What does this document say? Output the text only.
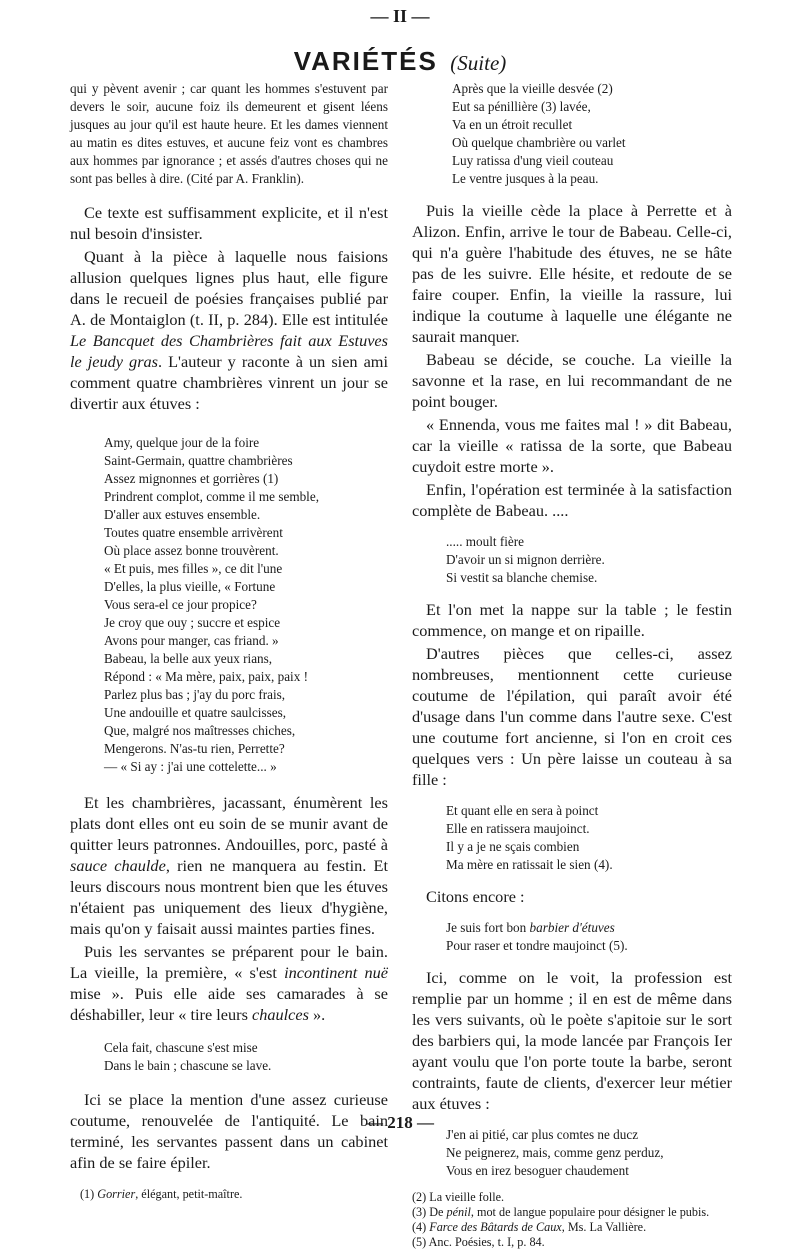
— II —
VARIÉTÉS (Suite)

qui y pèvent avenir ; car quant les hommes s'estuvent par devers le soir, aucune foiz ils demeurent et gisent léens jusques au jour qu'il est haute heure. Et les dames viennent au matin es dites estuves, et aucune feiz vont es chambres aux hommes par ignorance ; et assés d'autres choses qui ne sont pas belles à dire. (Cité par A. Franklin).

Ce texte est suffisamment explicite, et il n'est nul besoin d'insister.

Quant à la pièce à laquelle nous faisions allusion quelques lignes plus haut, elle figure dans le recueil de poésies françaises publié par A. de Montaiglon (t. II, p. 284). Elle est intitulée Le Bancquet des Chambrières fait aux Estuves le jeudy gras. L'auteur y raconte à un sien ami comment quatre chambrières vinrent un jour se divertir aux étuves :

Amy, quelque jour de la foire
Saint-Germain, quattre chambrières
Assez mignonnes et gorrières (1)
Prindrent complot, comme il me semble,
D'aller aux estuves ensemble.
Toutes quatre ensemble arrivèrent
Où place assez bonne trouvèrent.
« Et puis, mes filles », ce dit l'une
D'elles, la plus vieille, « Fortune
Vous sera-el ce jour propice?
Je croy que ouy ; succre et espice
Avons pour manger, cas friand. »
Babeau, la belle aux yeux rians,
Répond : « Ma mère, paix, paix, paix !
Parlez plus bas ; j'ay du porc frais,
Une andouille et quatre saulcisses,
Que, malgré nos maîtresses chiches,
Mengerons. N'as-tu rien, Perrette?
— « Si ay : j'ai une cottelette... »

Et les chambrières, jacassant, énumèrent les plats dont elles ont eu soin de se munir avant de quitter leurs patronnes. Andouilles, porc, pasté à sauce chaulde, rien ne manquera au festin. Et leurs discours nous montrent bien que les étuves n'étaient pas uniquement des lieux d'hygiène, mais qu'on y faisait aussi maintes parties fines.

Puis les servantes se préparent pour le bain. La vieille, la première, « s'est incontinent nuë mise ». Puis elle aide ses camarades à se déshabiller, leur « tire leurs chaulces ».

Cela fait, chascune s'est mise
Dans le bain ; chascune se lave.

Ici se place la mention d'une assez curieuse coutume, renouvelée de l'antiquité. Le bain terminé, les servantes passent dans un cabinet afin de se faire épiler.

(1) Gorrier, élégant, petit-maître.

Après que la vieille desvée (2)
Eut sa pénillière (3) lavée,
Va en un étroit recullet
Où quelque chambrière ou varlet
Luy ratissa d'ung vieil couteau
Le ventre jusques à la peau.

Puis la vieille cède la place à Perrette et à Alizon. Enfin, arrive le tour de Babeau. Celle-ci, qui n'a guère l'habitude des étuves, ne se hâte pas de les suivre. Elle hésite, et redoute de se faire couper. Enfin, la vieille la rassure, lui indique la coutume à laquelle une élégante ne saurait manquer.

Babeau se décide, se couche. La vieille la savonne et la rase, en lui recommandant de ne point bouger.

« Ennenda, vous me faites mal ! » dit Babeau, car la vieille « ratissa de la sorte, que Babeau cuydoit estre morte ».

Enfin, l'opération est terminée à la satisfaction complète de Babeau. ....

..... moult fière
D'avoir un si mignon derrière.
Si vestit sa blanche chemise.

Et l'on met la nappe sur la table ; le festin commence, on mange et on ripaille.

D'autres pièces que celles-ci, assez nombreuses, mentionnent cette curieuse coutume de l'épilation, qui paraît avoir été d'usage dans l'un comme dans l'autre sexe. C'est une coutume fort ancienne, si l'on en croit ces quelques vers : Un père laisse un couteau à sa fille :

Et quant elle en sera à poinct
Elle en ratissera maujoinct.
Il y a je ne sçais combien
Ma mère en ratissait le sien (4).

Citons encore :

Je suis fort bon barbier d'étuves
Pour raser et tondre maujoinct (5).

Ici, comme on le voit, la profession est remplie par un homme ; il en est de même dans les vers suivants, où le poète s'apitoie sur le sort des barbiers qui, la mode lancée par François Ier ayant voulu que l'on porte toute la barbe, seront contraints, faute de clients, d'exercer leur métier aux étuves :

J'en ai pitié, car plus comtes ne ducz
Ne peignerez, mais, comme genz perduz,
Vous en irez besoguer chaudement

(2) La vieille folle.

(3) De pénil, mot de langue populaire pour désigner le pubis.

(4) Farce des Bâtards de Caux, Ms. La Vallière.

(5) Anc. Poésies, t. I, p. 84.

— 218 —
